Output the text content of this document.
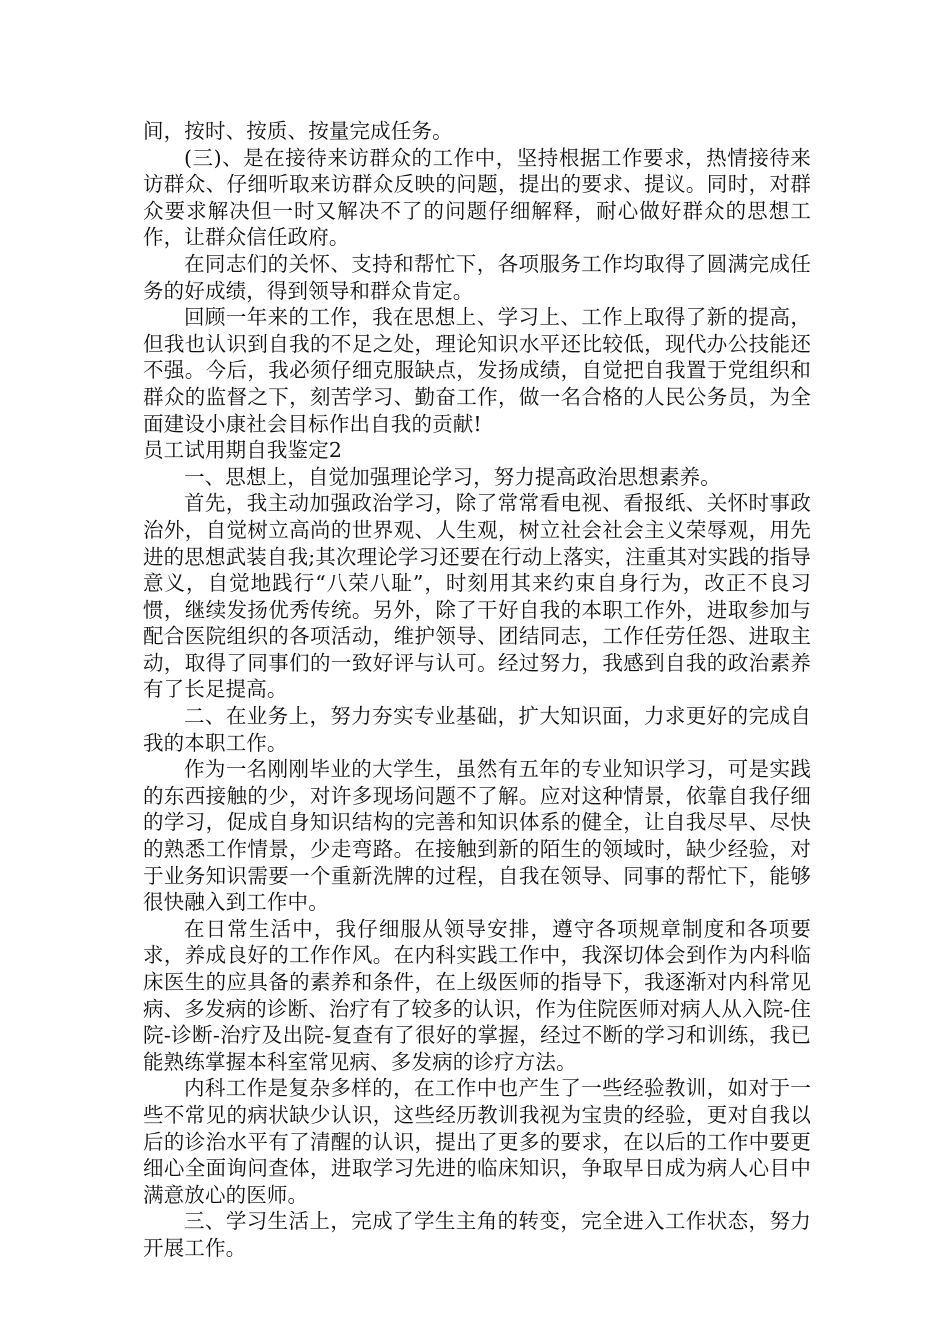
间，按时、按质、按量完成任务。

(三)、是在接待来访群众的工作中，坚持根据工作要求，热情接待来访群众、仔细听取来访群众反映的问题，提出的要求、提议。同时，对群众要求解决但一时又解决不了的问题仔细解释，耐心做好群众的思想工作，让群众信任政府。

在同志们的关怀、支持和帮忙下，各项服务工作均取得了圆满完成任务的好成绩，得到领导和群众肯定。

回顾一年来的工作，我在思想上、学习上、工作上取得了新的提高，但我也认识到自我的不足之处，理论知识水平还比较低，现代办公技能还不强。今后，我必须仔细克服缺点，发扬成绩，自觉把自我置于党组织和群众的监督之下，刻苦学习、勤奋工作，做一名合格的人民公务员，为全面建设小康社会目标作出自我的贡献!

员工试用期自我鉴定2

一、思想上，自觉加强理论学习，努力提高政治思想素养。

首先，我主动加强政治学习，除了常常看电视、看报纸、关怀时事政治外，自觉树立高尚的世界观、人生观，树立社会社会主义荣辱观，用先进的思想武装自我;其次理论学习还要在行动上落实，注重其对实践的指导意义，自觉地践行“八荣八耻”，时刻用其来约束自身行为，改正不良习惯，继续发扬优秀传统。另外，除了干好自我的本职工作外，进取参加与配合医院组织的各项活动，维护领导、团结同志，工作任劳任怨、进取主动，取得了同事们的一致好评与认可。经过努力，我感到自我的政治素养有了长足提高。

二、在业务上，努力夯实专业基础，扩大知识面，力求更好的完成自我的本职工作。

作为一名刚刚毕业的大学生，虽然有五年的专业知识学习，可是实践的东西接触的少，对许多现场问题不了解。应对这种情景，依靠自我仔细的学习，促成自身知识结构的完善和知识体系的健全，让自我尽早、尽快的熟悉工作情景，少走弯路。在接触到新的陌生的领域时，缺少经验，对于业务知识需要一个重新洗牌的过程，自我在领导、同事的帮忙下，能够很快融入到工作中。

在日常生活中，我仔细服从领导安排，遵守各项规章制度和各项要求，养成良好的工作作风。在内科实践工作中，我深切体会到作为内科临床医生的应具备的素养和条件，在上级医师的指导下，我逐渐对内科常见病、多发病的诊断、治疗有了较多的认识，作为住院医师对病人从入院-住院-诊断-治疗及出院-复查有了很好的掌握，经过不断的学习和训练，我已能熟练掌握本科室常见病、多发病的诊疗方法。

内科工作是复杂多样的，在工作中也产生了一些经验教训，如对于一些不常见的病状缺少认识，这些经历教训我视为宝贵的经验，更对自我以后的诊治水平有了清醒的认识，提出了更多的要求，在以后的工作中要更细心全面询问查体，进取学习先进的临床知识，争取早日成为病人心目中满意放心的医师。

三、学习生活上，完成了学生主角的转变，完全进入工作状态，努力开展工作。
